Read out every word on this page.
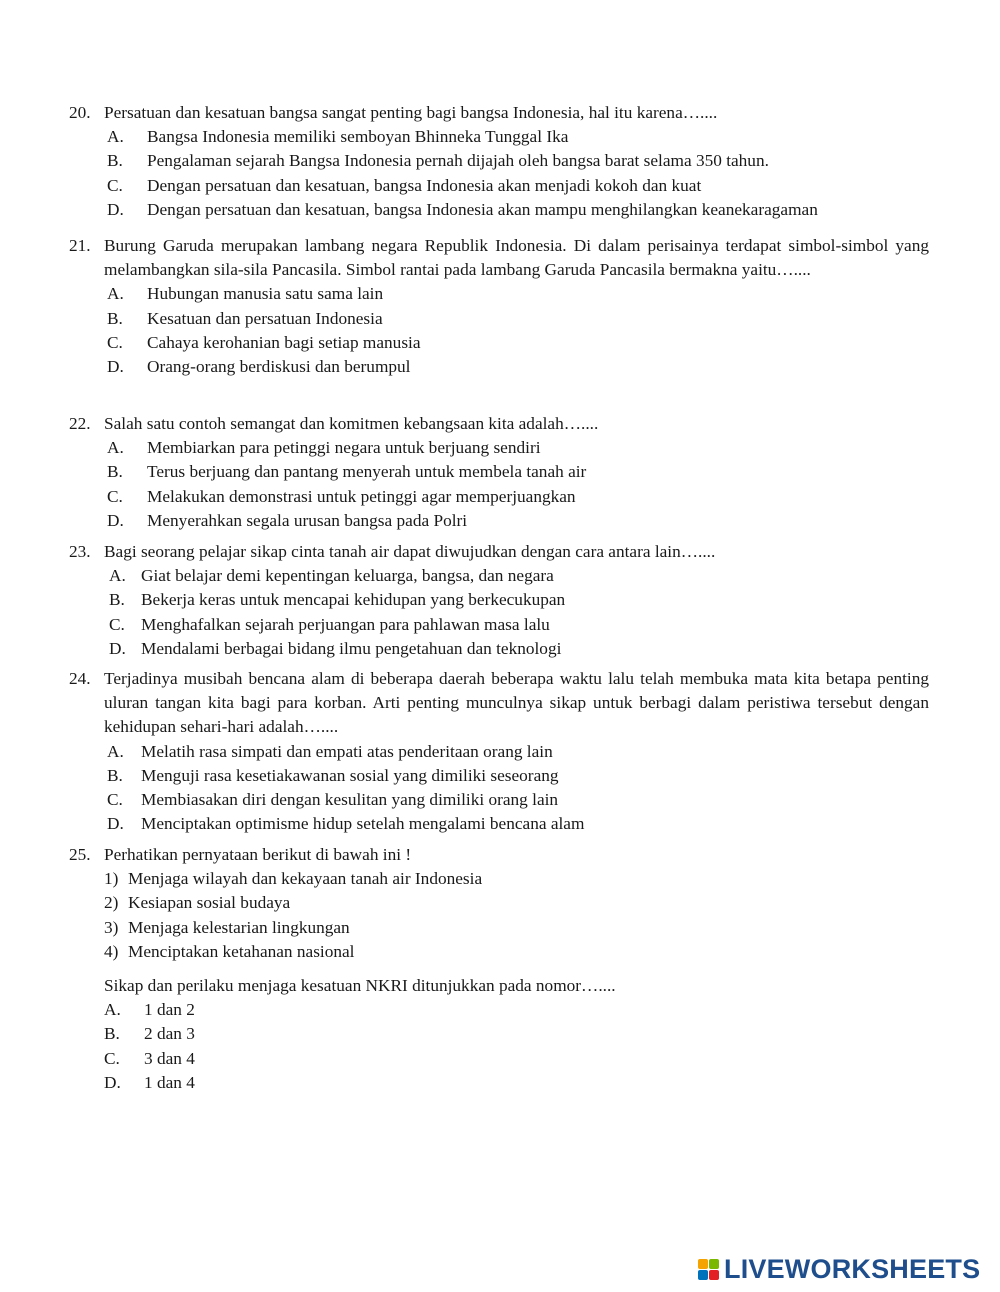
20. Persatuan dan kesatuan bangsa sangat penting bagi bangsa Indonesia, hal itu karena…....
A.	Bangsa Indonesia memiliki semboyan Bhinneka Tunggal Ika
B.	Pengalaman sejarah Bangsa Indonesia pernah dijajah oleh bangsa barat selama 350 tahun.
C.	Dengan persatuan dan kesatuan, bangsa Indonesia akan menjadi kokoh dan kuat
D.	Dengan persatuan dan kesatuan, bangsa Indonesia akan mampu menghilangkan keanekaragaman
21. Burung Garuda merupakan lambang negara Republik Indonesia. Di dalam perisainya terdapat simbol-simbol yang melambangkan sila-sila Pancasila. Simbol rantai pada lambang Garuda Pancasila bermakna yaitu…....
A.	Hubungan manusia satu sama lain
B.	Kesatuan dan persatuan Indonesia
C.	Cahaya kerohanian bagi setiap manusia
D.	Orang-orang berdiskusi dan berumpul
22. Salah satu contoh semangat dan komitmen kebangsaan kita adalah…....
A.	Membiarkan para petinggi negara untuk berjuang sendiri
B.	Terus berjuang dan pantang menyerah untuk membela tanah air
C.	Melakukan demonstrasi untuk petinggi agar memperjuangkan
D.	Menyerahkan segala urusan bangsa pada Polri
23. Bagi seorang pelajar sikap cinta tanah air dapat diwujudkan dengan cara antara lain…....
A. Giat belajar demi kepentingan keluarga, bangsa, dan negara
B. Bekerja keras untuk mencapai kehidupan yang berkecukupan
C. Menghafalkan sejarah perjuangan para pahlawan masa lalu
D. Mendalami berbagai bidang ilmu pengetahuan dan teknologi
24. Terjadinya musibah bencana alam di beberapa daerah beberapa waktu lalu telah membuka mata kita betapa penting uluran tangan kita bagi para korban. Arti penting munculnya sikap untuk berbagi dalam peristiwa tersebut dengan kehidupan sehari-hari adalah…....
A. Melatih rasa simpati dan empati atas penderitaan orang lain
B.	Menguji rasa kesetiakawanan sosial yang dimiliki seseorang
C.	Membiasakan diri dengan kesulitan yang dimiliki orang lain
D. Menciptakan optimisme hidup setelah mengalami bencana alam
25. Perhatikan pernyataan berikut di bawah ini !
1) Menjaga wilayah dan kekayaan tanah air Indonesia
2) Kesiapan sosial budaya
3) Menjaga kelestarian lingkungan
4) Menciptakan ketahanan nasional
Sikap dan perilaku menjaga kesatuan NKRI ditunjukkan pada nomor…....
A.	1 dan 2
B.	2 dan 3
C.	3 dan 4
D.	1 dan 4
LIVEWORKSHEETS
